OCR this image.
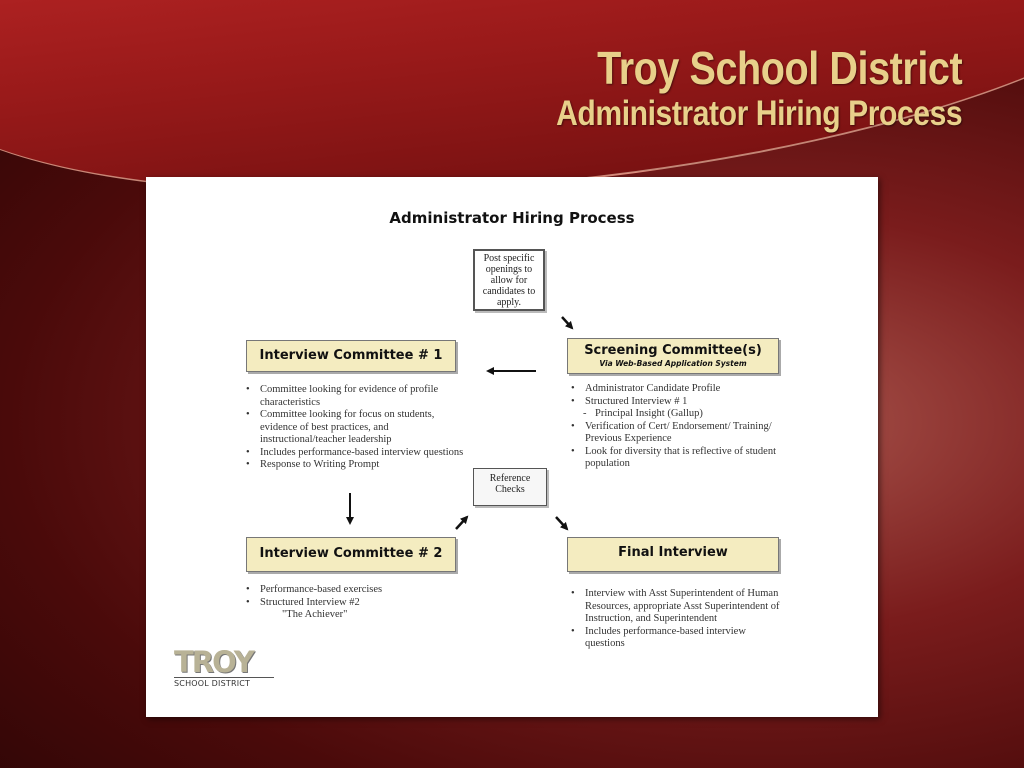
Troy School District
Administrator Hiring Process
Administrator Hiring Process
Post specific openings to allow for candidates to apply.
Reference Checks
Interview Committee # 1
• Committee looking for evidence of profile characteristics
• Committee looking for focus on students, evidence of best practices, and instructional/teacher leadership
• Includes performance-based interview questions
• Response to Writing Prompt
Screening Committee(s)
Via Web-Based Application System
• Administrator Candidate Profile
• Structured Interview # 1
- Principal Insight (Gallup)
• Verification of Cert/ Endorsement/ Training/ Previous Experience
• Look for diversity that is reflective of student population
Interview Committee # 2
• Performance-based exercises
• Structured Interview #2
"The Achiever"
Final Interview
• Interview with Asst Superintendent of Human Resources, appropriate Asst Superintendent of Instruction, and Superintendent
• Includes performance-based interview questions
TROY
SCHOOL DISTRICT
